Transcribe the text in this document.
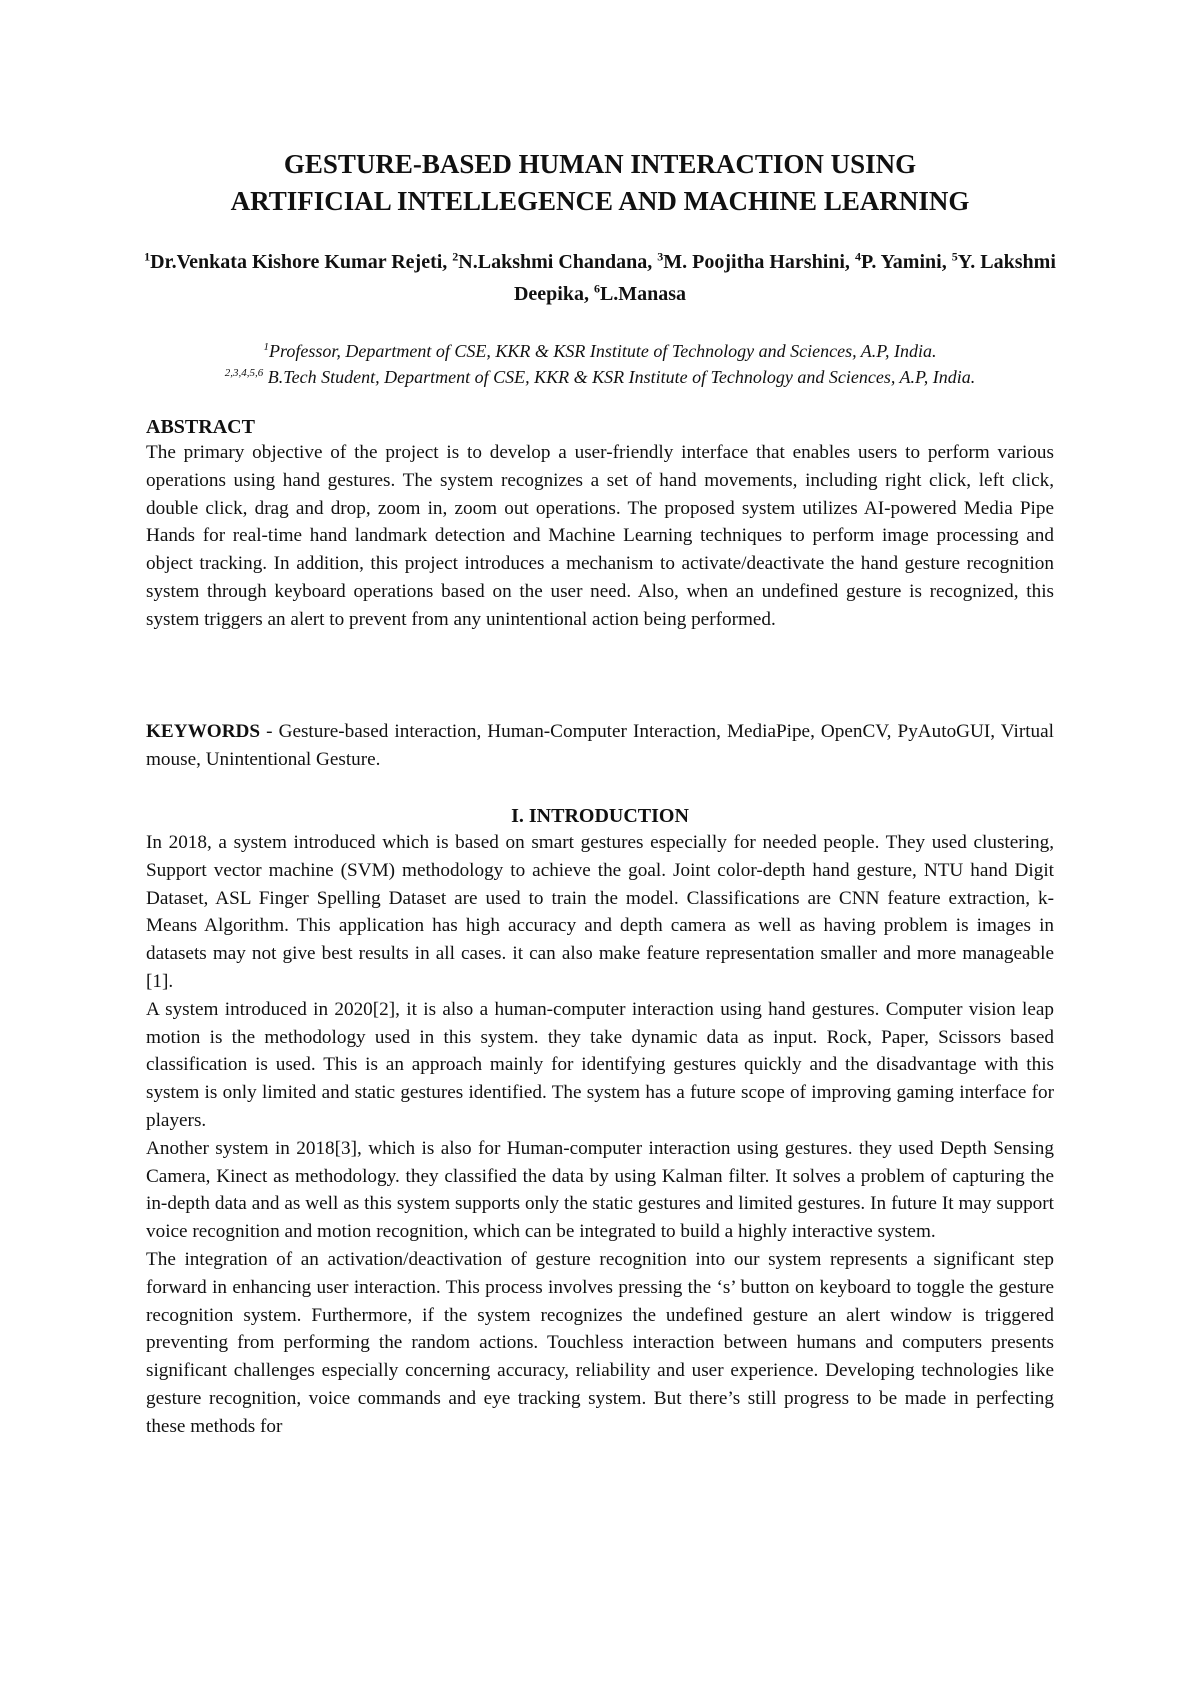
GESTURE-BASED HUMAN INTERACTION USING
ARTIFICIAL INTELLEGENCE AND MACHINE LEARNING

$^1$Dr.Venkata Kishore Kumar Rejeti, $^2$N.Lakshmi Chandana, $^3$M. Poojitha Harshini, $^4$P. Yamini, $^5$Y. Lakshmi Deepika, $^6$L.Manasa

$^1$Professor, Department of CSE, KKR & KSR Institute of Technology and Sciences, A.P, India.
$^{2,3,4,5,6}$ B.Tech Student, Department of CSE, KKR & KSR Institute of Technology and Sciences, A.P, India.

ABSTRACT

The primary objective of the project is to develop a user-friendly interface that enables users to perform various operations using hand gestures. The system recognizes a set of hand movements, including right click, left click, double click, drag and drop, zoom in, zoom out operations. The proposed system utilizes AI-powered Media Pipe Hands for real-time hand landmark detection and Machine Learning techniques to perform image processing and object tracking. In addition, this project introduces a mechanism to activate/deactivate the hand gesture recognition system through keyboard operations based on the user need. Also, when an undefined gesture is recognized, this system triggers an alert to prevent from any unintentional action being performed.

KEYWORDS - Gesture-based interaction, Human-Computer Interaction, MediaPipe, OpenCV, PyAutoGUI, Virtual mouse, Unintentional Gesture.

I. INTRODUCTION

In 2018, a system introduced which is based on smart gestures especially for needed people. They used clustering, Support vector machine (SVM) methodology to achieve the goal. Joint color-depth hand gesture, NTU hand Digit Dataset, ASL Finger Spelling Dataset are used to train the model. Classifications are CNN feature extraction, k-Means Algorithm. This application has high accuracy and depth camera as well as having problem is images in datasets may not give best results in all cases. it can also make feature representation smaller and more manageable [1].

A system introduced in 2020[2], it is also a human-computer interaction using hand gestures. Computer vision leap motion is the methodology used in this system. they take dynamic data as input. Rock, Paper, Scissors based classification is used. This is an approach mainly for identifying gestures quickly and the disadvantage with this system is only limited and static gestures identified. The system has a future scope of improving gaming interface for players.

Another system in 2018[3], which is also for Human-computer interaction using gestures. they used Depth Sensing Camera, Kinect as methodology. they classified the data by using Kalman filter. It solves a problem of capturing the in-depth data and as well as this system supports only the static gestures and limited gestures. In future It may support voice recognition and motion recognition, which can be integrated to build a highly interactive system.

The integration of an activation/deactivation of gesture recognition into our system represents a significant step forward in enhancing user interaction. This process involves pressing the ‘s’ button on keyboard to toggle the gesture recognition system. Furthermore, if the system recognizes the undefined gesture an alert window is triggered preventing from performing the random actions. Touchless interaction between humans and computers presents significant challenges especially concerning accuracy, reliability and user experience. Developing technologies like gesture recognition, voice commands and eye tracking system. But there’s still progress to be made in perfecting these methods for
